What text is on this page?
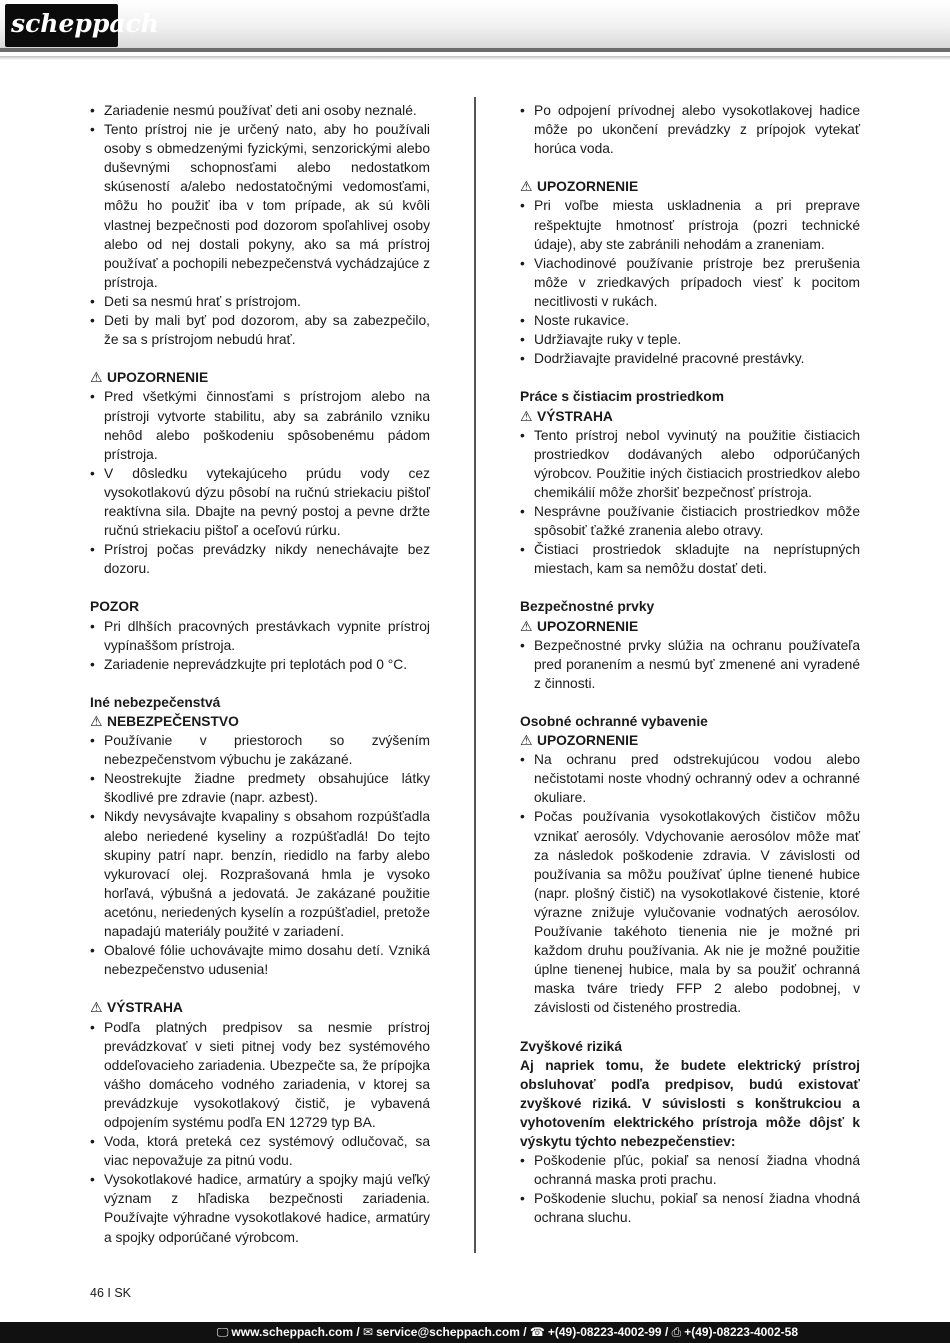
scheppach
• Zariadenie nesmú používať deti ani osoby neznalé.
• Tento prístroj nie je určený nato, aby ho používali osoby s obmedzenými fyzickými, senzorickými alebo duševnými schopnosťami alebo nedostatkom skúseností a/alebo nedostatočnými vedomosťami, môžu ho použiť iba v tom prípade, ak sú kvôli vlastnej bezpečnosti pod dozorom spoľahlivej osoby alebo od nej dostali pokyny, ako sa má prístroj používať a pochopili nebezpečenstvá vychádzajúce z prístroja.
• Deti sa nesmú hrať s prístrojom.
• Deti by mali byť pod dozorom, aby sa zabezpečilo, že sa s prístrojom nebudú hrať.
⚠ UPOZORNENIE
• Pred všetkými činnosťami s prístrojom alebo na prístroji vytvorte stabilitu, aby sa zabránilo vzniku nehôd alebo poškodeniu spôsobenému pádom prístroja.
• V dôsledku vytekajúceho prúdu vody cez vysokotlakovú dýzu pôsobí na ručnú striekaciu pištoľ reaktívna sila. Dbajte na pevný postoj a pevne držte ručnú striekaciu pištoľ a oceľovú rúrku.
• Prístroj počas prevádzky nikdy nenechávajte bez dozoru.
POZOR
• Pri dlhších pracovných prestávkach vypnite prístroj vypínaššom prístroja.
• Zariadenie neprevádzkujte pri teplotách pod 0 °C.
Iné nebezpečenstvá
⚠ NEBEZPEČENSTVO
• Používanie v priestoroch so zvýšením nebezpečenstvom výbuchu je zakázané.
• Neostrekujte žiadne predmety obsahujúce látky škodlivé pre zdravie (napr. azbest).
• Nikdy nevysávajte kvapaliny s obsahom rozpúšťadla alebo neriedené kyseliny a rozpúšťadlá! Do tejto skupiny patrí napr. benzín, riedidlo na farby alebo vykurovací olej. Rozprašovaná hmla je vysoko horľavá, výbušná a jedovatá. Je zakázané použitie acetónu, neriedených kyselín a rozpúšťadiel, pretože napadajú materiály použité v zariadení.
• Obalové fólie uchovávajte mimo dosahu detí. Vzniká nebezpečenstvo udusenia!
⚠ VÝSTRAHA
• Podľa platných predpisov sa nesmie prístroj prevádzkovať v sieti pitnej vody bez systémového oddeľovacieho zariadenia. Ubezpečte sa, že prípojka vášho domáceho vodného zariadenia, v ktorej sa prevádzkuje vysokotlakový čistič, je vybavená odpojením systému podľa EN 12729 typ BA.
• Voda, ktorá preteká cez systémový odlučovač, sa viac nepovažuje za pitnú vodu.
• Vysokotlakové hadice, armatúry a spojky majú veľký význam z hľadiska bezpečnosti zariadenia. Používajte výhradne vysokotlakové hadice, armatúry a spojky odporúčané výrobcom.
• Po odpojení prívodnej alebo vysokotlakovej hadice môže po ukončení prevádzky z prípojok vytekať horúca voda.
⚠ UPOZORNENIE
• Pri voľbe miesta uskladnenia a pri preprave rešpektujte hmotnosť prístroja (pozri technické údaje), aby ste zabránili nehodám a zraneniam.
• Viachodinové používanie prístroje bez prerušenia môže v zriedkavých prípadoch viesť k pocitom necitlivosti v rukách.
• Noste rukavice.
• Udržiavajte ruky v teple.
• Dodržiavajte pravidelné pracovné prestávky.
Práce s čistiacim prostriedkom
⚠ VÝSTRAHA
• Tento prístroj nebol vyvinutý na použitie čistiacich prostriedkov dodávaných alebo odporúčaných výrobcov. Použitie iných čistiacich prostriedkov alebo chemikálií môže zhoršiť bezpečnosť prístroja.
• Nesprávne používanie čistiacich prostriedkov môže spôsobiť ťažké zranenia alebo otravy.
• Čistiaci prostriedok skladujte na neprístupných miestach, kam sa nemôžu dostať deti.
Bezpečnostné prvky
⚠ UPOZORNENIE
• Bezpečnostné prvky slúžia na ochranu používateľa pred poranením a nesmú byť zmenené ani vyradené z činnosti.
Osobné ochranné vybavenie
⚠ UPOZORNENIE
• Na ochranu pred odstrekujúcou vodou alebo nečistotami noste vhodný ochranný odev a ochranné okuliare.
• Počas používania vysokotlakových čističov môžu vznikať aerosóly. Vdychovanie aerosólov môže mať za následok poškodenie zdravia. V závislosti od používania sa môžu používať úplne tienené hubice (napr. plošný čistič) na vysokotlakové čistenie, ktoré výrazne znižuje vylučovanie vodnatých aerosólov. Používanie takéhoto tienenia nie je možné pri každom druhu používania. Ak nie je možné použitie úplne tienenej hubice, mala by sa použiť ochranná maska tváre triedy FFP 2 alebo podobnej, v závislosti od čisteného prostredia.
Zvyškové riziká

Aj napriek tomu, že budete elektrický prístroj obsluhovať podľa predpisov, budú existovať zvyškové riziká. V súvislosti s konštrukciou a vyhotovením elektrického prístroja môže dôjsť k výskytu týchto nebezpečenstiev:

• Poškodenie pľúc, pokiaľ sa nenosí žiadna vhodná ochranná maska proti prachu.
• Poškodenie sluchu, pokiaľ sa nenosí žiadna vhodná ochrana sluchu.
46 I SK
🖵 www.scheppach.com / ✉ service@scheppach.com / ☎ +(49)-08223-4002-99 / ⎙ +(49)-08223-4002-58
